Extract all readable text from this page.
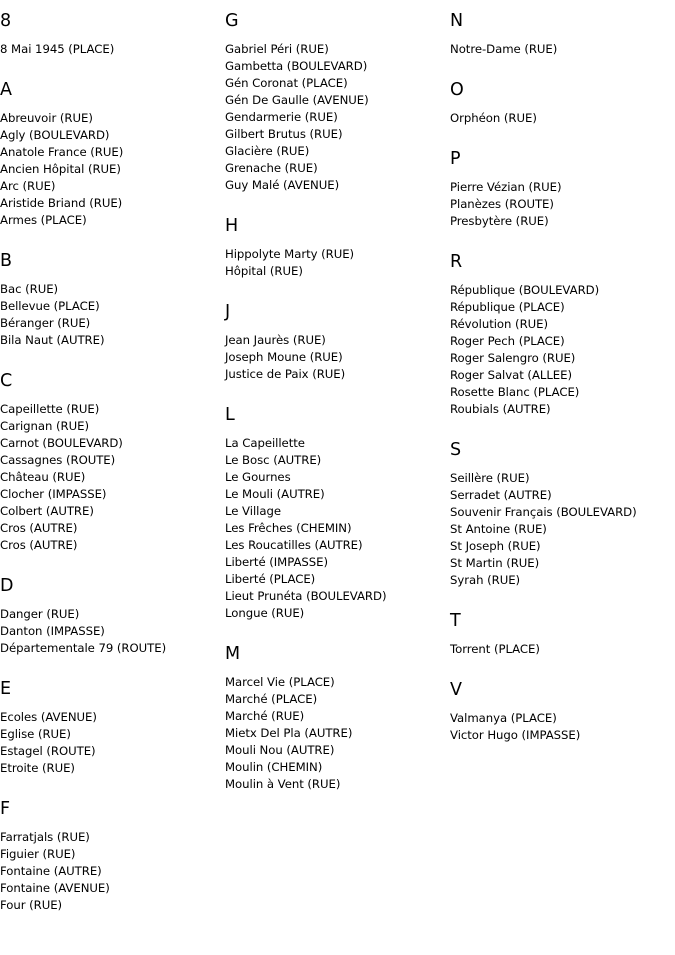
8
8 Mai 1945 (PLACE)
A
Abreuvoir (RUE)
Agly (BOULEVARD)
Anatole France (RUE)
Ancien Hôpital (RUE)
Arc (RUE)
Aristide Briand (RUE)
Armes (PLACE)
B
Bac (RUE)
Bellevue (PLACE)
Béranger (RUE)
Bila Naut (AUTRE)
C
Capeillette (RUE)
Carignan (RUE)
Carnot (BOULEVARD)
Cassagnes (ROUTE)
Château (RUE)
Clocher (IMPASSE)
Colbert (AUTRE)
Cros (AUTRE)
Cros (AUTRE)
D
Danger (RUE)
Danton (IMPASSE)
Départementale 79 (ROUTE)
E
Ecoles (AVENUE)
Eglise (RUE)
Estagel (ROUTE)
Etroite (RUE)
F
Farratjals (RUE)
Figuier (RUE)
Fontaine (AUTRE)
Fontaine (AVENUE)
Four (RUE)
G
Gabriel Péri (RUE)
Gambetta (BOULEVARD)
Gén Coronat (PLACE)
Gén De Gaulle (AVENUE)
Gendarmerie (RUE)
Gilbert Brutus (RUE)
Glacière (RUE)
Grenache (RUE)
Guy Malé (AVENUE)
H
Hippolyte Marty (RUE)
Hôpital (RUE)
J
Jean Jaurès (RUE)
Joseph Moune (RUE)
Justice de Paix (RUE)
L
La Capeillette
Le Bosc (AUTRE)
Le Gournes
Le Mouli (AUTRE)
Le Village
Les Frêches (CHEMIN)
Les Roucatilles (AUTRE)
Liberté (IMPASSE)
Liberté (PLACE)
Lieut Prunéta (BOULEVARD)
Longue (RUE)
M
Marcel Vie (PLACE)
Marché (PLACE)
Marché (RUE)
Mietx Del Pla (AUTRE)
Mouli Nou (AUTRE)
Moulin (CHEMIN)
Moulin à Vent (RUE)
N
Notre-Dame (RUE)
O
Orphéon (RUE)
P
Pierre Vézian (RUE)
Planèzes (ROUTE)
Presbytère (RUE)
R
République (BOULEVARD)
République (PLACE)
Révolution (RUE)
Roger Pech (PLACE)
Roger Salengro (RUE)
Roger Salvat (ALLEE)
Rosette Blanc (PLACE)
Roubials (AUTRE)
S
Seillère (RUE)
Serradet (AUTRE)
Souvenir Français (BOULEVARD)
St Antoine (RUE)
St Joseph (RUE)
St Martin (RUE)
Syrah (RUE)
T
Torrent (PLACE)
V
Valmanya (PLACE)
Victor Hugo (IMPASSE)
